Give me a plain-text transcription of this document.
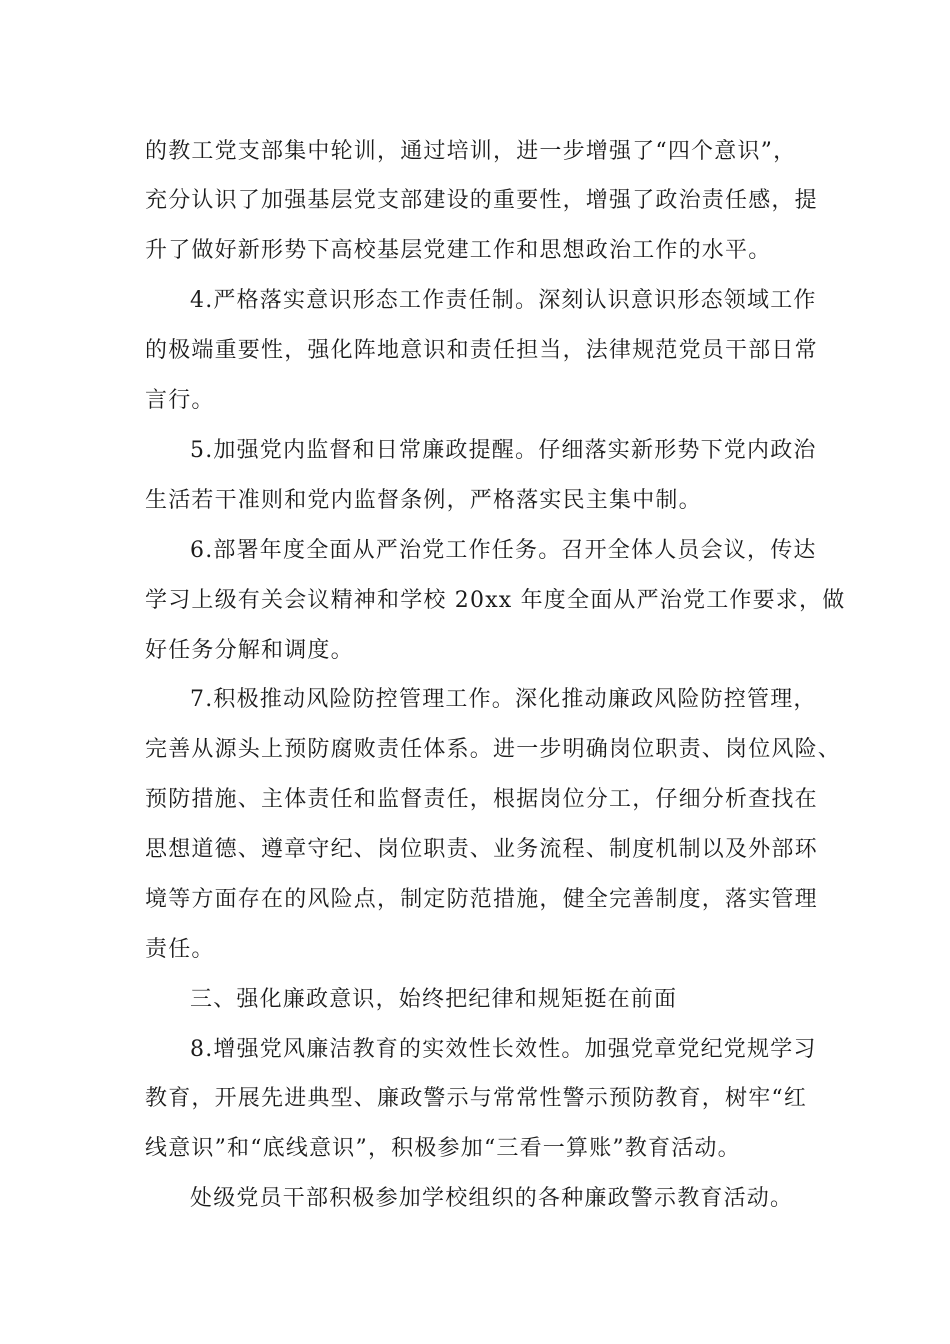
的教工党支部集中轮训，通过培训，进一步增强了“四个意识”，
充分认识了加强基层党支部建设的重要性，增强了政治责任感，提
升了做好新形势下高校基层党建工作和思想政治工作的水平。
4.严格落实意识形态工作责任制。深刻认识意识形态领域工作
的极端重要性，强化阵地意识和责任担当，法律规范党员干部日常
言行。
5.加强党内监督和日常廉政提醒。仔细落实新形势下党内政治
生活若干准则和党内监督条例，严格落实民主集中制。
6.部署年度全面从严治党工作任务。召开全体人员会议，传达
学习上级有关会议精神和学校 20xx 年度全面从严治党工作要求，做
好任务分解和调度。
7.积极推动风险防控管理工作。深化推动廉政风险防控管理，
完善从源头上预防腐败责任体系。进一步明确岗位职责、岗位风险、
预防措施、主体责任和监督责任，根据岗位分工，仔细分析查找在
思想道德、遵章守纪、岗位职责、业务流程、制度机制以及外部环
境等方面存在的风险点，制定防范措施，健全完善制度，落实管理
责任。
三、强化廉政意识，始终把纪律和规矩挺在前面
8.增强党风廉洁教育的实效性长效性。加强党章党纪党规学习
教育，开展先进典型、廉政警示与常常性警示预防教育，树牢“红
线意识”和“底线意识”，积极参加“三看一算账”教育活动。
处级党员干部积极参加学校组织的各种廉政警示教育活动。
